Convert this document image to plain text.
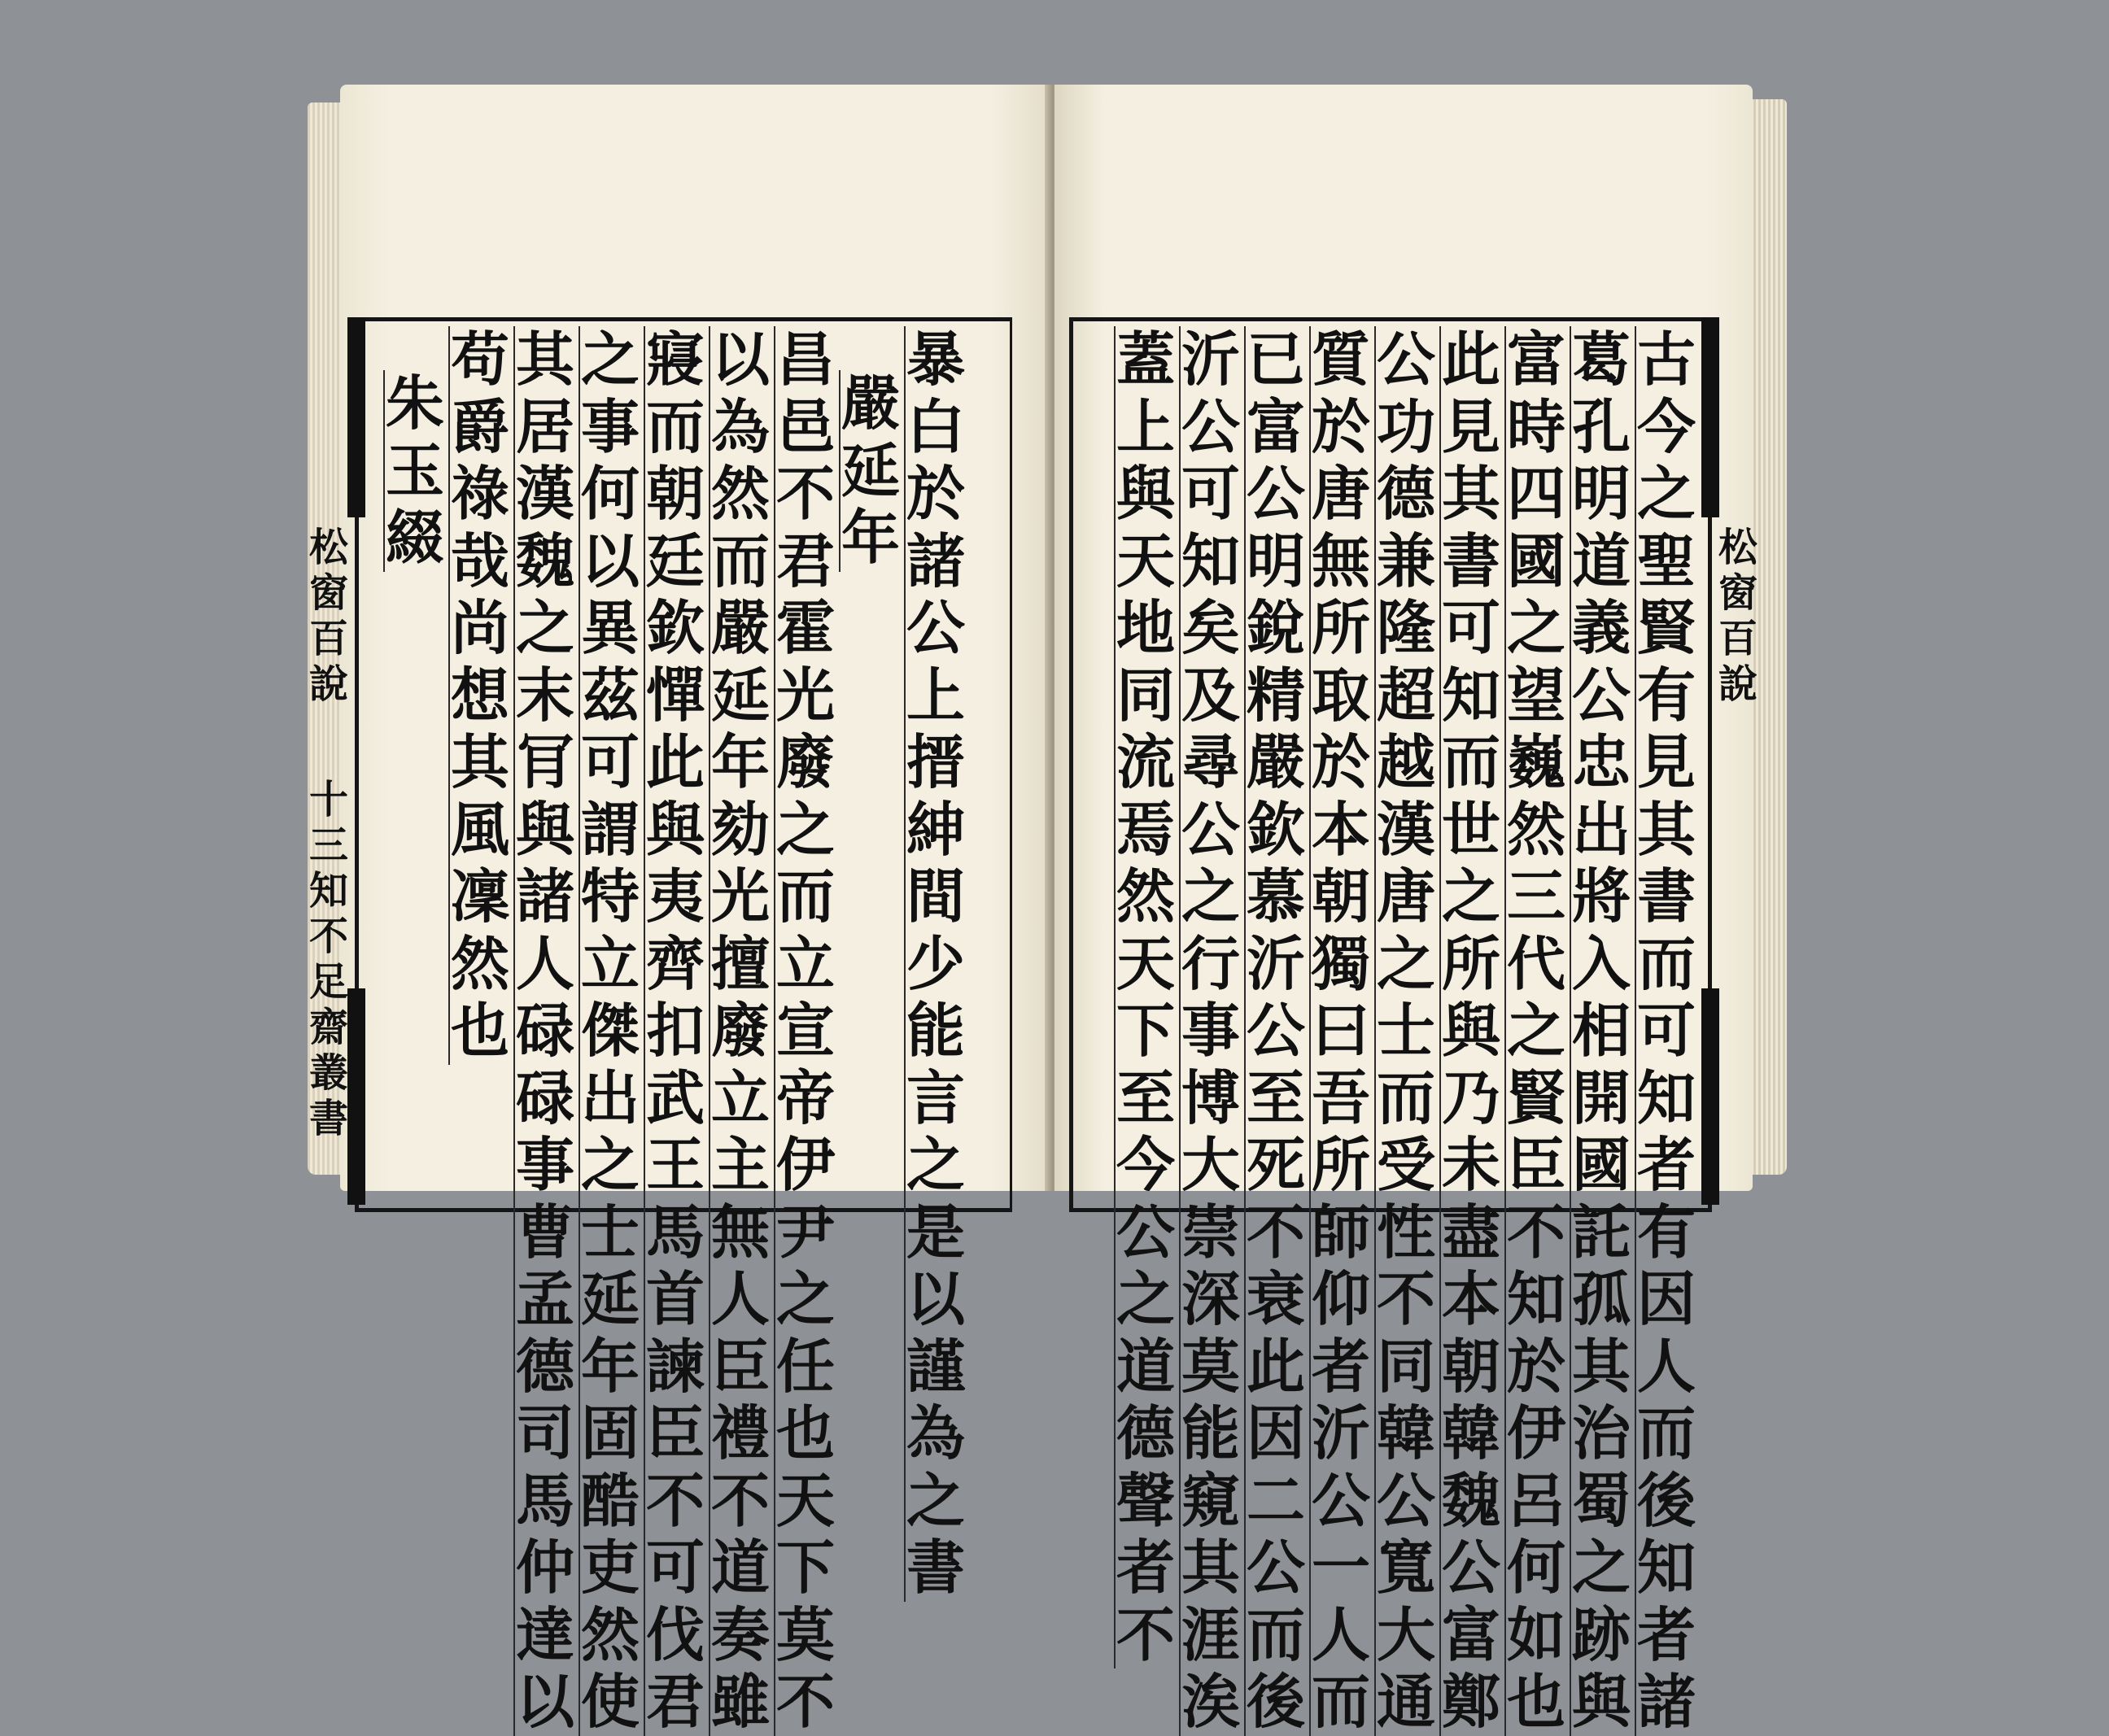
暴
白
於
諸
公
上
搢
紳
間
少
能
言
之
是
以
謹
為
之
書
嚴
延
年
昌
邑
不
君
霍
光
廢
之
而
立
宣
帝
伊
尹
之
任
也
天
下
莫
不
以
為
然
而
嚴
延
年
劾
光
擅
廢
立
主
無
人
臣
禮
不
道
奏
雖
寢
而
朝
廷
欽
憚
此
與
夷
齊
扣
武
王
馬
首
諫
臣
不
可
伐
君
之
事
何
以
異
茲
可
謂
特
立
傑
出
之
士
延
年
固
酷
吏
然
使
其
居
漢
魏
之
末
肎
與
諸
人
碌
碌
事
曹
孟
德
司
馬
仲
達
以
苟
爵
祿
哉
尚
想
其
風
凜
然
也
朱
玉
綴
松
窗
百
說
十
三
知
不
足
齋
叢
書
古
今
之
聖
賢
有
見
其
書
而
可
知
者
有
因
人
而
後
知
者
諸
葛
孔
明
道
義
公
忠
出
將
入
相
開
國
託
孤
其
治
蜀
之
跡
與
富
時
四
國
之
望
巍
然
三
代
之
賢
臣
不
知
於
伊
呂
何
如
也
此
見
其
書
可
知
而
世
之
所
與
乃
未
盡
本
朝
韓
魏
公
富
鄭
公
功
德
兼
隆
超
越
漢
唐
之
士
而
受
性
不
同
韓
公
寬
大
通
質
於
唐
無
所
取
於
本
朝
獨
曰
吾
所
師
仰
者
沂
公
一
人
而
已
富
公
明
銳
精
嚴
欽
慕
沂
公
至
死
不
衰
此
因
二
公
而
後
沂
公
可
知
矣
及
尋
公
之
行
事
博
大
崇
深
莫
能
窺
其
涯
涘
蓋
上
與
天
地
同
流
焉
然
天
下
至
今
公
之
道
德
聲
者
不
松
窗
百
說
